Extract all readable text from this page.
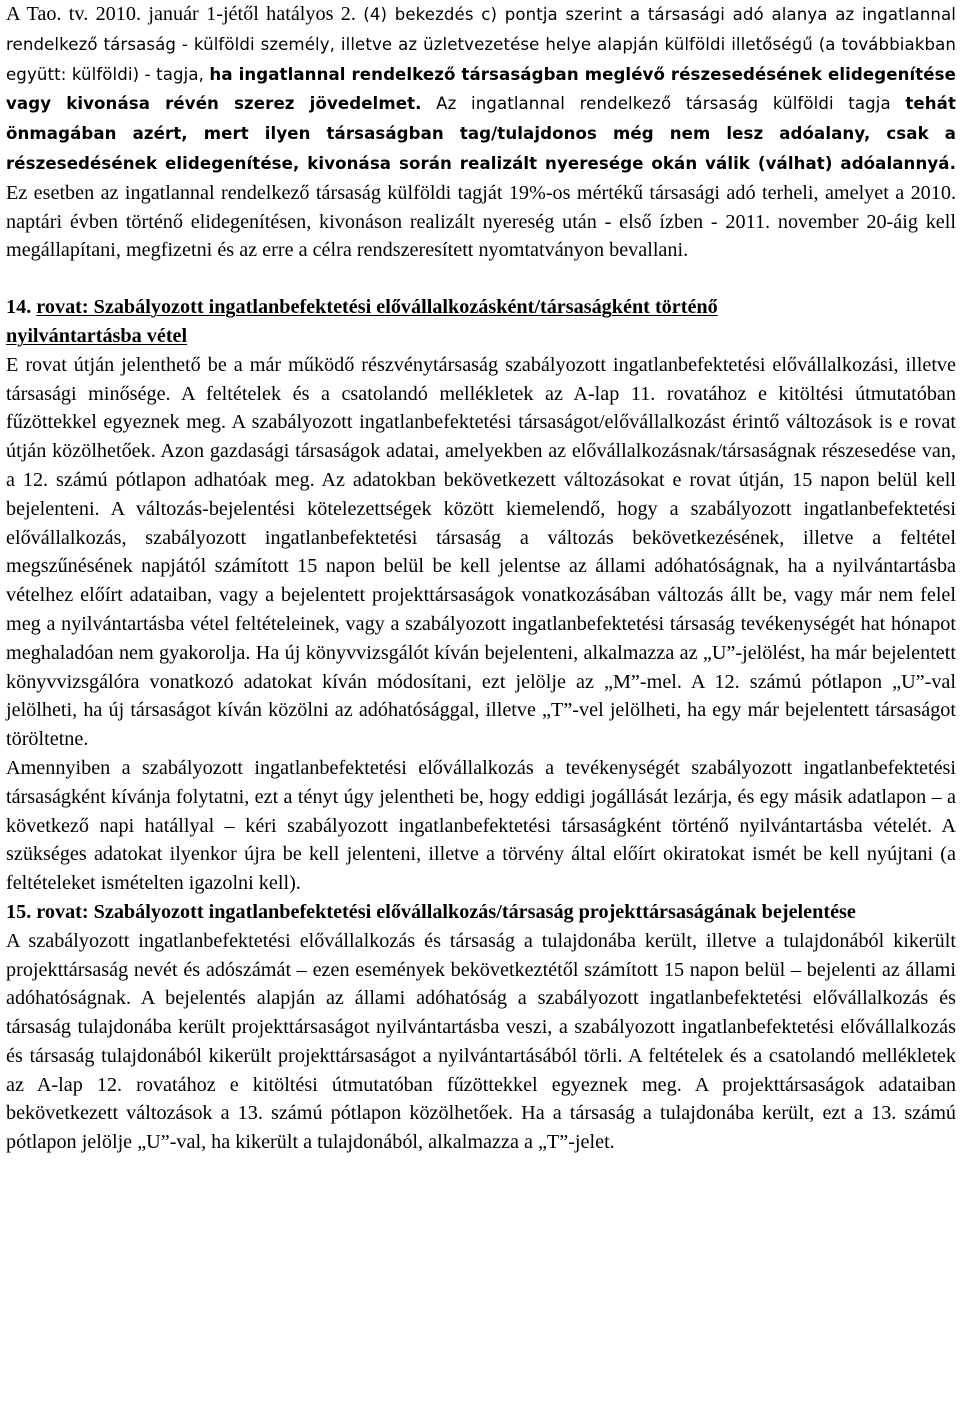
A Tao. tv. 2010. január 1-jétől hatályos 2. (4) bekezdés c) pontja szerint a társasági adó alanya az ingatlannal rendelkező társaság - külföldi személy, illetve az üzletvezetése helye alapján külföldi illetőségű (a továbbiakban együtt: külföldi) - tagja, ha ingatlannal rendelkező társaságban meglévő részesedésének elidegenítése vagy kivonása révén szerez jövedelmet. Az ingatlannal rendelkező társaság külföldi tagja tehát önmagában azért, mert ilyen társaságban tag/tulajdonos még nem lesz adóalany, csak a részesedésének elidegenítése, kivonása során realizált nyeresége okán válik (válhat) adóalannyá. Ez esetben az ingatlannal rendelkező társaság külföldi tagját 19%-os mértékű társasági adó terheli, amelyet a 2010. naptári évben történő elidegenítésen, kivonáson realizált nyereség után - első ízben - 2011. november 20-áig kell megállapítani, megfizetni és az erre a célra rendszeresített nyomtatványon bevallani.

14. rovat: Szabályozott ingatlanbefektetési elővállalkozásként/társaságként történő
nyilvántartásba vétel

E rovat útján jelenthető be a már működő részvénytársaság szabályozott ingatlanbefektetési elővállalkozási, illetve társasági minősége. A feltételek és a csatolandó mellékletek az A-lap 11. rovatához e kitöltési útmutatóban fűzöttekkel egyeznek meg. A szabályozott ingatlanbefektetési társaságot/elővállalkozást érintő változások is e rovat útján közölhetőek. Azon gazdasági társaságok adatai, amelyekben az elővállalkozásnak/társaságnak részesedése van, a 12. számú pótlapon adhatóak meg. Az adatokban bekövetkezett változásokat e rovat útján, 15 napon belül kell bejelenteni. A változás-bejelentési kötelezettségek között kiemelendő, hogy a szabályozott ingatlanbefektetési elővállalkozás, szabályozott ingatlanbefektetési társaság a változás bekövetkezésének, illetve a feltétel megszűnésének napjától számított 15 napon belül be kell jelentse az állami adóhatóságnak, ha a nyilvántartásba vételhez előírt adataiban, vagy a bejelentett projekttársaságok vonatkozásában változás állt be, vagy már nem felel meg a nyilvántartásba vétel feltételeinek, vagy a szabályozott ingatlanbefektetési társaság tevékenységét hat hónapot meghaladóan nem gyakorolja. Ha új könyvvizsgálót kíván bejelenteni, alkalmazza az „U”-jelölést, ha már bejelentett könyvvizsgálóra vonatkozó adatokat kíván módosítani, ezt jelölje az „M”-mel. A 12. számú pótlapon „U”-val jelölheti, ha új társaságot kíván közölni az adóhatósággal, illetve „T”-vel jelölheti, ha egy már bejelentett társaságot töröltetne.

Amennyiben a szabályozott ingatlanbefektetési elővállalkozás a tevékenységét szabályozott ingatlanbefektetési társaságként kívánja folytatni, ezt a tényt úgy jelentheti be, hogy eddigi jogállását lezárja, és egy másik adatlapon – a következő napi hatállyal – kéri szabályozott ingatlanbefektetési társaságként történő nyilvántartásba vételét. A szükséges adatokat ilyenkor újra be kell jelenteni, illetve a törvény által előírt okiratokat ismét be kell nyújtani (a feltételeket ismételten igazolni kell).

15. rovat: Szabályozott ingatlanbefektetési elővállalkozás/társaság projekttársaságának bejelentése

A szabályozott ingatlanbefektetési elővállalkozás és társaság a tulajdonába került, illetve a tulajdonából kikerült projekttársaság nevét és adószámát – ezen események bekövetkeztétől számított 15 napon belül – bejelenti az állami adóhatóságnak. A bejelentés alapján az állami adóhatóság a szabályozott ingatlanbefektetési elővállalkozás és társaság tulajdonába került projekttársaságot nyilvántartásba veszi, a szabályozott ingatlanbefektetési elővállalkozás és társaság tulajdonából kikerült projekttársaságot a nyilvántartásából törli. A feltételek és a csatolandó mellékletek az A-lap 12. rovatához e kitöltési útmutatóban fűzöttekkel egyeznek meg. A projekttársaságok adataiban bekövetkezett változások a 13. számú pótlapon közölhetőek. Ha a társaság a tulajdonába került, ezt a 13. számú pótlapon jelölje „U”-val, ha kikerült a tulajdonából, alkalmazza a „T”-jelet.
